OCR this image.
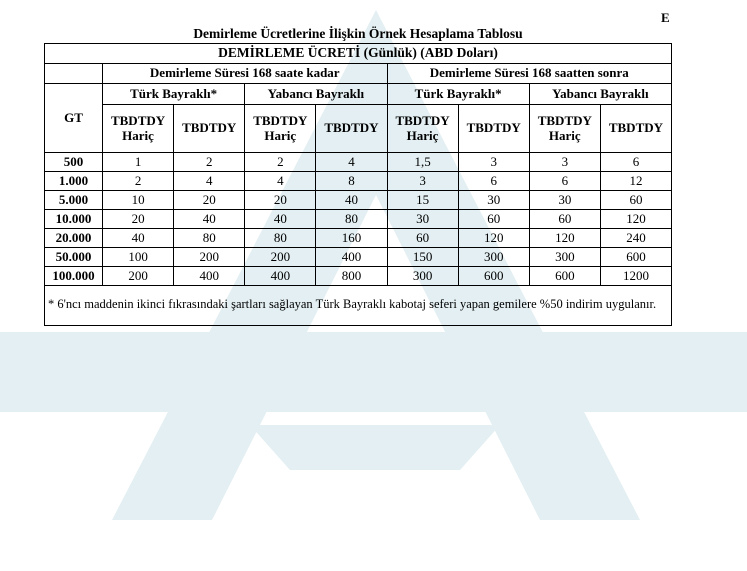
E
Demirleme Ücretlerine İlişkin Örnek Hesaplama Tablosu
DEMİRLEME ÜCRETİ (Günlük) (ABD Doları)								
	Demirleme Süresi 168 saate kadar				Demirleme Süresi 168 saatten sonra			
GT	Türk Bayraklı*		Yabancı Bayraklı		Türk Bayraklı*		Yabancı Bayraklı	
	TBDTDY Hariç	TBDTDY	TBDTDY Hariç	TBDTDY	TBDTDY Hariç	TBDTDY	TBDTDY Hariç	TBDTDY
500	1	2	2	4	1,5	3	3	6
1.000	2	4	4	8	3	6	6	12
5.000	10	20	20	40	15	30	30	60
10.000	20	40	40	80	30	60	60	120
20.000	40	80	80	160	60	120	120	240
50.000	100	200	200	400	150	300	300	600
100.000	200	400	400	800	300	600	600	1200
* 6'ncı maddenin ikinci fıkrasındaki şartları sağlayan Türk Bayraklı kabotaj seferi yapan gemilere %50 indirim uygulanır.								
